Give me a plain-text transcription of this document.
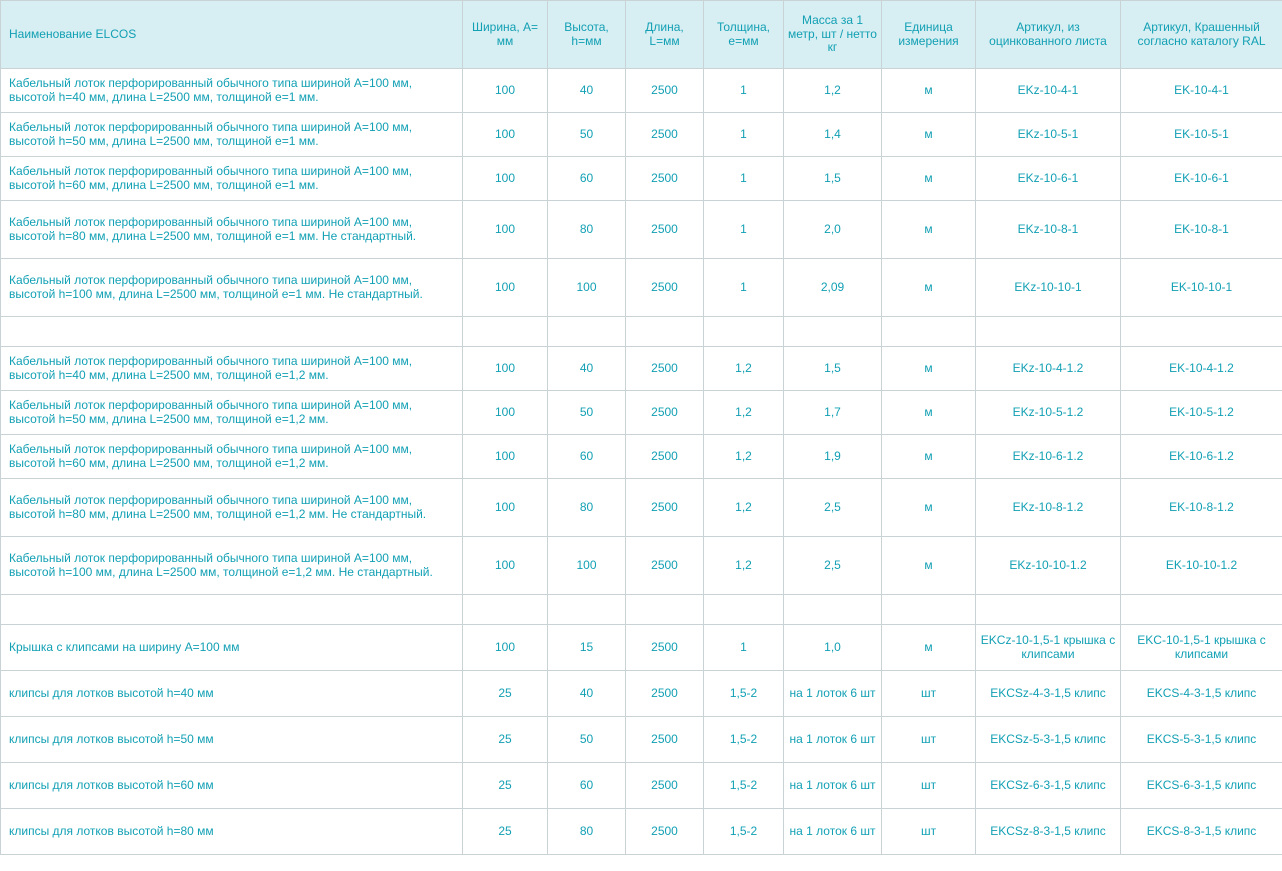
Наименование ELCOS	Ширина, A= мм	Высота, h=мм	Длина, L=мм	Толщина, e=мм	Масса за 1 метр, шт / нетто кг	Единица измерения	Артикул, из оцинкованного листа	Артикул, Крашенный согласно каталогу RAL
Кабельный лоток перфорированный обычного типа шириной A=100 мм, высотой h=40 мм, длина L=2500 мм, толщиной e=1 мм.	100	40	2500	1	1,2	м	EKz-10-4-1	EK-10-4-1
Кабельный лоток перфорированный обычного типа шириной A=100 мм, высотой h=50 мм, длина L=2500 мм, толщиной e=1 мм.	100	50	2500	1	1,4	м	EKz-10-5-1	EK-10-5-1
Кабельный лоток перфорированный обычного типа шириной A=100 мм, высотой h=60 мм, длина L=2500 мм, толщиной e=1 мм.	100	60	2500	1	1,5	м	EKz-10-6-1	EK-10-6-1
Кабельный лоток перфорированный обычного типа шириной A=100 мм, высотой h=80 мм, длина L=2500 мм, толщиной e=1 мм. Не стандартный.	100	80	2500	1	2,0	м	EKz-10-8-1	EK-10-8-1
Кабельный лоток перфорированный обычного типа шириной A=100 мм, высотой h=100 мм, длина L=2500 мм, толщиной e=1 мм. Не стандартный.	100	100	2500	1	2,09	м	EKz-10-10-1	EK-10-10-1

Кабельный лоток перфорированный обычного типа шириной A=100 мм, высотой h=40 мм, длина L=2500 мм, толщиной e=1,2 мм.	100	40	2500	1,2	1,5	м	EKz-10-4-1.2	EK-10-4-1.2
Кабельный лоток перфорированный обычного типа шириной A=100 мм, высотой h=50 мм, длина L=2500 мм, толщиной e=1,2 мм.	100	50	2500	1,2	1,7	м	EKz-10-5-1.2	EK-10-5-1.2
Кабельный лоток перфорированный обычного типа шириной A=100 мм, высотой h=60 мм, длина L=2500 мм, толщиной e=1,2 мм.	100	60	2500	1,2	1,9	м	EKz-10-6-1.2	EK-10-6-1.2
Кабельный лоток перфорированный обычного типа шириной A=100 мм, высотой h=80 мм, длина L=2500 мм, толщиной e=1,2 мм. Не стандартный.	100	80	2500	1,2	2,5	м	EKz-10-8-1.2	EK-10-8-1.2
Кабельный лоток перфорированный обычного типа шириной A=100 мм, высотой h=100 мм, длина L=2500 мм, толщиной e=1,2 мм. Не стандартный.	100	100	2500	1,2	2,5	м	EKz-10-10-1.2	EK-10-10-1.2

Крышка с клипсами на ширину A=100 мм	100	15	2500	1	1,0	м	EKCz-10-1,5-1 крышка с клипсами	EKC-10-1,5-1 крышка с клипсами
клипсы для лотков высотой h=40 мм	25	40	2500	1,5-2	на 1 лоток 6 шт	шт	EKCSz-4-3-1,5 клипс	EKCS-4-3-1,5 клипс
клипсы для лотков высотой h=50 мм	25	50	2500	1,5-2	на 1 лоток 6 шт	шт	EKCSz-5-3-1,5 клипс	EKCS-5-3-1,5 клипс
клипсы для лотков высотой h=60 мм	25	60	2500	1,5-2	на 1 лоток 6 шт	шт	EKCSz-6-3-1,5 клипс	EKCS-6-3-1,5 клипс
клипсы для лотков высотой h=80 мм	25	80	2500	1,5-2	на 1 лоток 6 шт	шт	EKCSz-8-3-1,5 клипс	EKCS-8-3-1,5 клипс
